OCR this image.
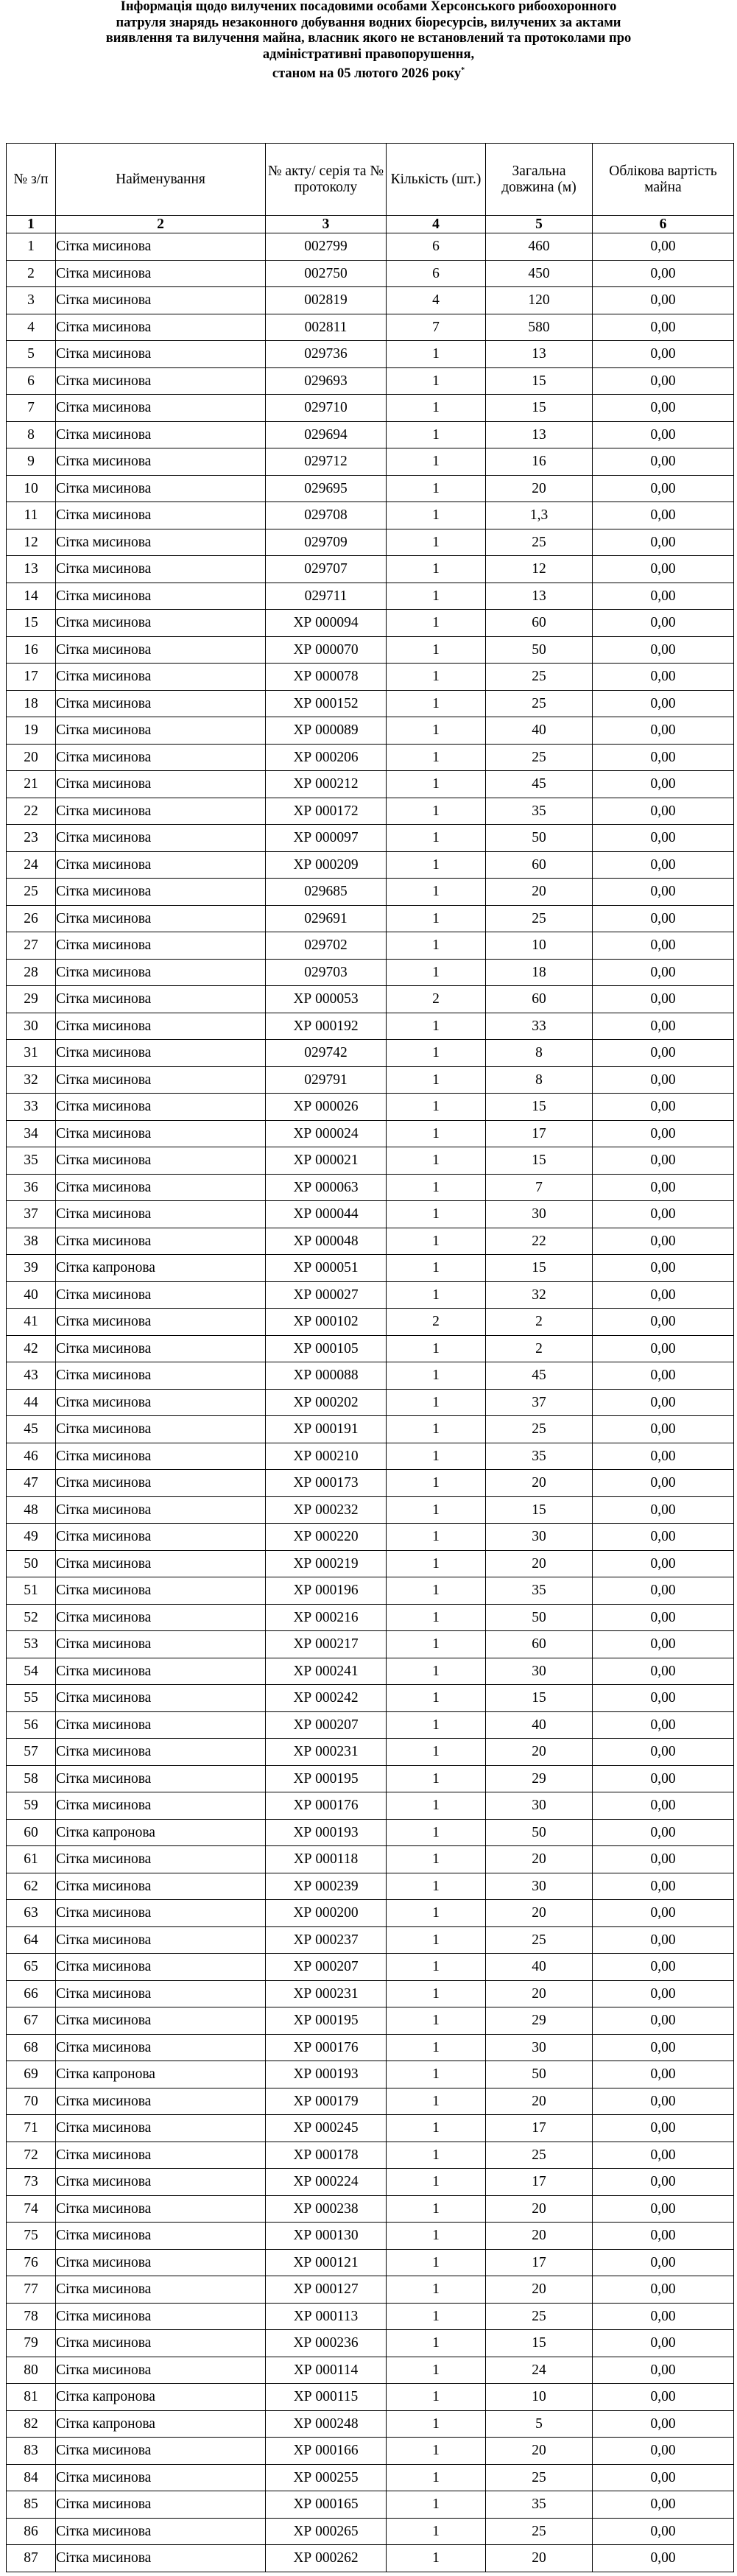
Інформація щодо вилучених посадовими особами Херсонського рибоохоронного
патруля знарядь незаконного добування водних біоресурсів, вилучених за актами
виявлення та вилучення майна, власник якого не встановлений та протоколами про
адміністративні правопорушення,
станом на 05 лютого 2026 року*
№ з/п	Найменування	№ акту/ серія та № протоколу	Кількість (шт.)	Загальна довжина (м)	Облікова вартість майна
1	2	3	4	5	6
1	Сітка мисинова	002799	6	460	0,00
2	Сітка мисинова	002750	6	450	0,00
3	Сітка мисинова	002819	4	120	0,00
4	Сітка мисинова	002811	7	580	0,00
5	Сітка мисинова	029736	1	13	0,00
6	Сітка мисинова	029693	1	15	0,00
7	Сітка мисинова	029710	1	15	0,00
8	Сітка мисинова	029694	1	13	0,00
9	Сітка мисинова	029712	1	16	0,00
10	Сітка мисинова	029695	1	20	0,00
11	Сітка мисинова	029708	1	1,3	0,00
12	Сітка мисинова	029709	1	25	0,00
13	Сітка мисинова	029707	1	12	0,00
14	Сітка мисинова	029711	1	13	0,00
15	Сітка мисинова	ХР 000094	1	60	0,00
16	Сітка мисинова	ХР 000070	1	50	0,00
17	Сітка мисинова	ХР 000078	1	25	0,00
18	Сітка мисинова	ХР 000152	1	25	0,00
19	Сітка мисинова	ХР 000089	1	40	0,00
20	Сітка мисинова	ХР 000206	1	25	0,00
21	Сітка мисинова	ХР 000212	1	45	0,00
22	Сітка мисинова	ХР 000172	1	35	0,00
23	Сітка мисинова	ХР 000097	1	50	0,00
24	Сітка мисинова	ХР 000209	1	60	0,00
25	Сітка мисинова	029685	1	20	0,00
26	Сітка мисинова	029691	1	25	0,00
27	Сітка мисинова	029702	1	10	0,00
28	Сітка мисинова	029703	1	18	0,00
29	Сітка мисинова	ХР 000053	2	60	0,00
30	Сітка мисинова	ХР 000192	1	33	0,00
31	Сітка мисинова	029742	1	8	0,00
32	Сітка мисинова	029791	1	8	0,00
33	Сітка мисинова	ХР 000026	1	15	0,00
34	Сітка мисинова	ХР 000024	1	17	0,00
35	Сітка мисинова	ХР 000021	1	15	0,00
36	Сітка мисинова	ХР 000063	1	7	0,00
37	Сітка мисинова	ХР 000044	1	30	0,00
38	Сітка мисинова	ХР 000048	1	22	0,00
39	Сітка капронова	ХР 000051	1	15	0,00
40	Сітка мисинова	ХР 000027	1	32	0,00
41	Сітка мисинова	ХР 000102	2	2	0,00
42	Сітка мисинова	ХР 000105	1	2	0,00
43	Сітка мисинова	ХР 000088	1	45	0,00
44	Сітка мисинова	ХР 000202	1	37	0,00
45	Сітка мисинова	ХР 000191	1	25	0,00
46	Сітка мисинова	ХР 000210	1	35	0,00
47	Сітка мисинова	ХР 000173	1	20	0,00
48	Сітка мисинова	ХР 000232	1	15	0,00
49	Сітка мисинова	ХР 000220	1	30	0,00
50	Сітка мисинова	ХР 000219	1	20	0,00
51	Сітка мисинова	ХР 000196	1	35	0,00
52	Сітка мисинова	ХР 000216	1	50	0,00
53	Сітка мисинова	ХР 000217	1	60	0,00
54	Сітка мисинова	ХР 000241	1	30	0,00
55	Сітка мисинова	ХР 000242	1	15	0,00
56	Сітка мисинова	ХР 000207	1	40	0,00
57	Сітка мисинова	ХР 000231	1	20	0,00
58	Сітка мисинова	ХР 000195	1	29	0,00
59	Сітка мисинова	ХР 000176	1	30	0,00
60	Сітка капронова	ХР 000193	1	50	0,00
61	Сітка мисинова	ХР 000118	1	20	0,00
62	Сітка мисинова	ХР 000239	1	30	0,00
63	Сітка мисинова	ХР 000200	1	20	0,00
64	Сітка мисинова	ХР 000237	1	25	0,00
65	Сітка мисинова	ХР 000207	1	40	0,00
66	Сітка мисинова	ХР 000231	1	20	0,00
67	Сітка мисинова	ХР 000195	1	29	0,00
68	Сітка мисинова	ХР 000176	1	30	0,00
69	Сітка капронова	ХР 000193	1	50	0,00
70	Сітка мисинова	ХР 000179	1	20	0,00
71	Сітка мисинова	ХР 000245	1	17	0,00
72	Сітка мисинова	ХР 000178	1	25	0,00
73	Сітка мисинова	ХР 000224	1	17	0,00
74	Сітка мисинова	ХР 000238	1	20	0,00
75	Сітка мисинова	ХР 000130	1	20	0,00
76	Сітка мисинова	ХР 000121	1	17	0,00
77	Сітка мисинова	ХР 000127	1	20	0,00
78	Сітка мисинова	ХР 000113	1	25	0,00
79	Сітка мисинова	ХР 000236	1	15	0,00
80	Сітка мисинова	ХР 000114	1	24	0,00
81	Сітка капронова	ХР 000115	1	10	0,00
82	Сітка капронова	ХР 000248	1	5	0,00
83	Сітка мисинова	ХР 000166	1	20	0,00
84	Сітка мисинова	ХР 000255	1	25	0,00
85	Сітка мисинова	ХР 000165	1	35	0,00
86	Сітка мисинова	ХР 000265	1	25	0,00
87	Сітка мисинова	ХР 000262	1	20	0,00
